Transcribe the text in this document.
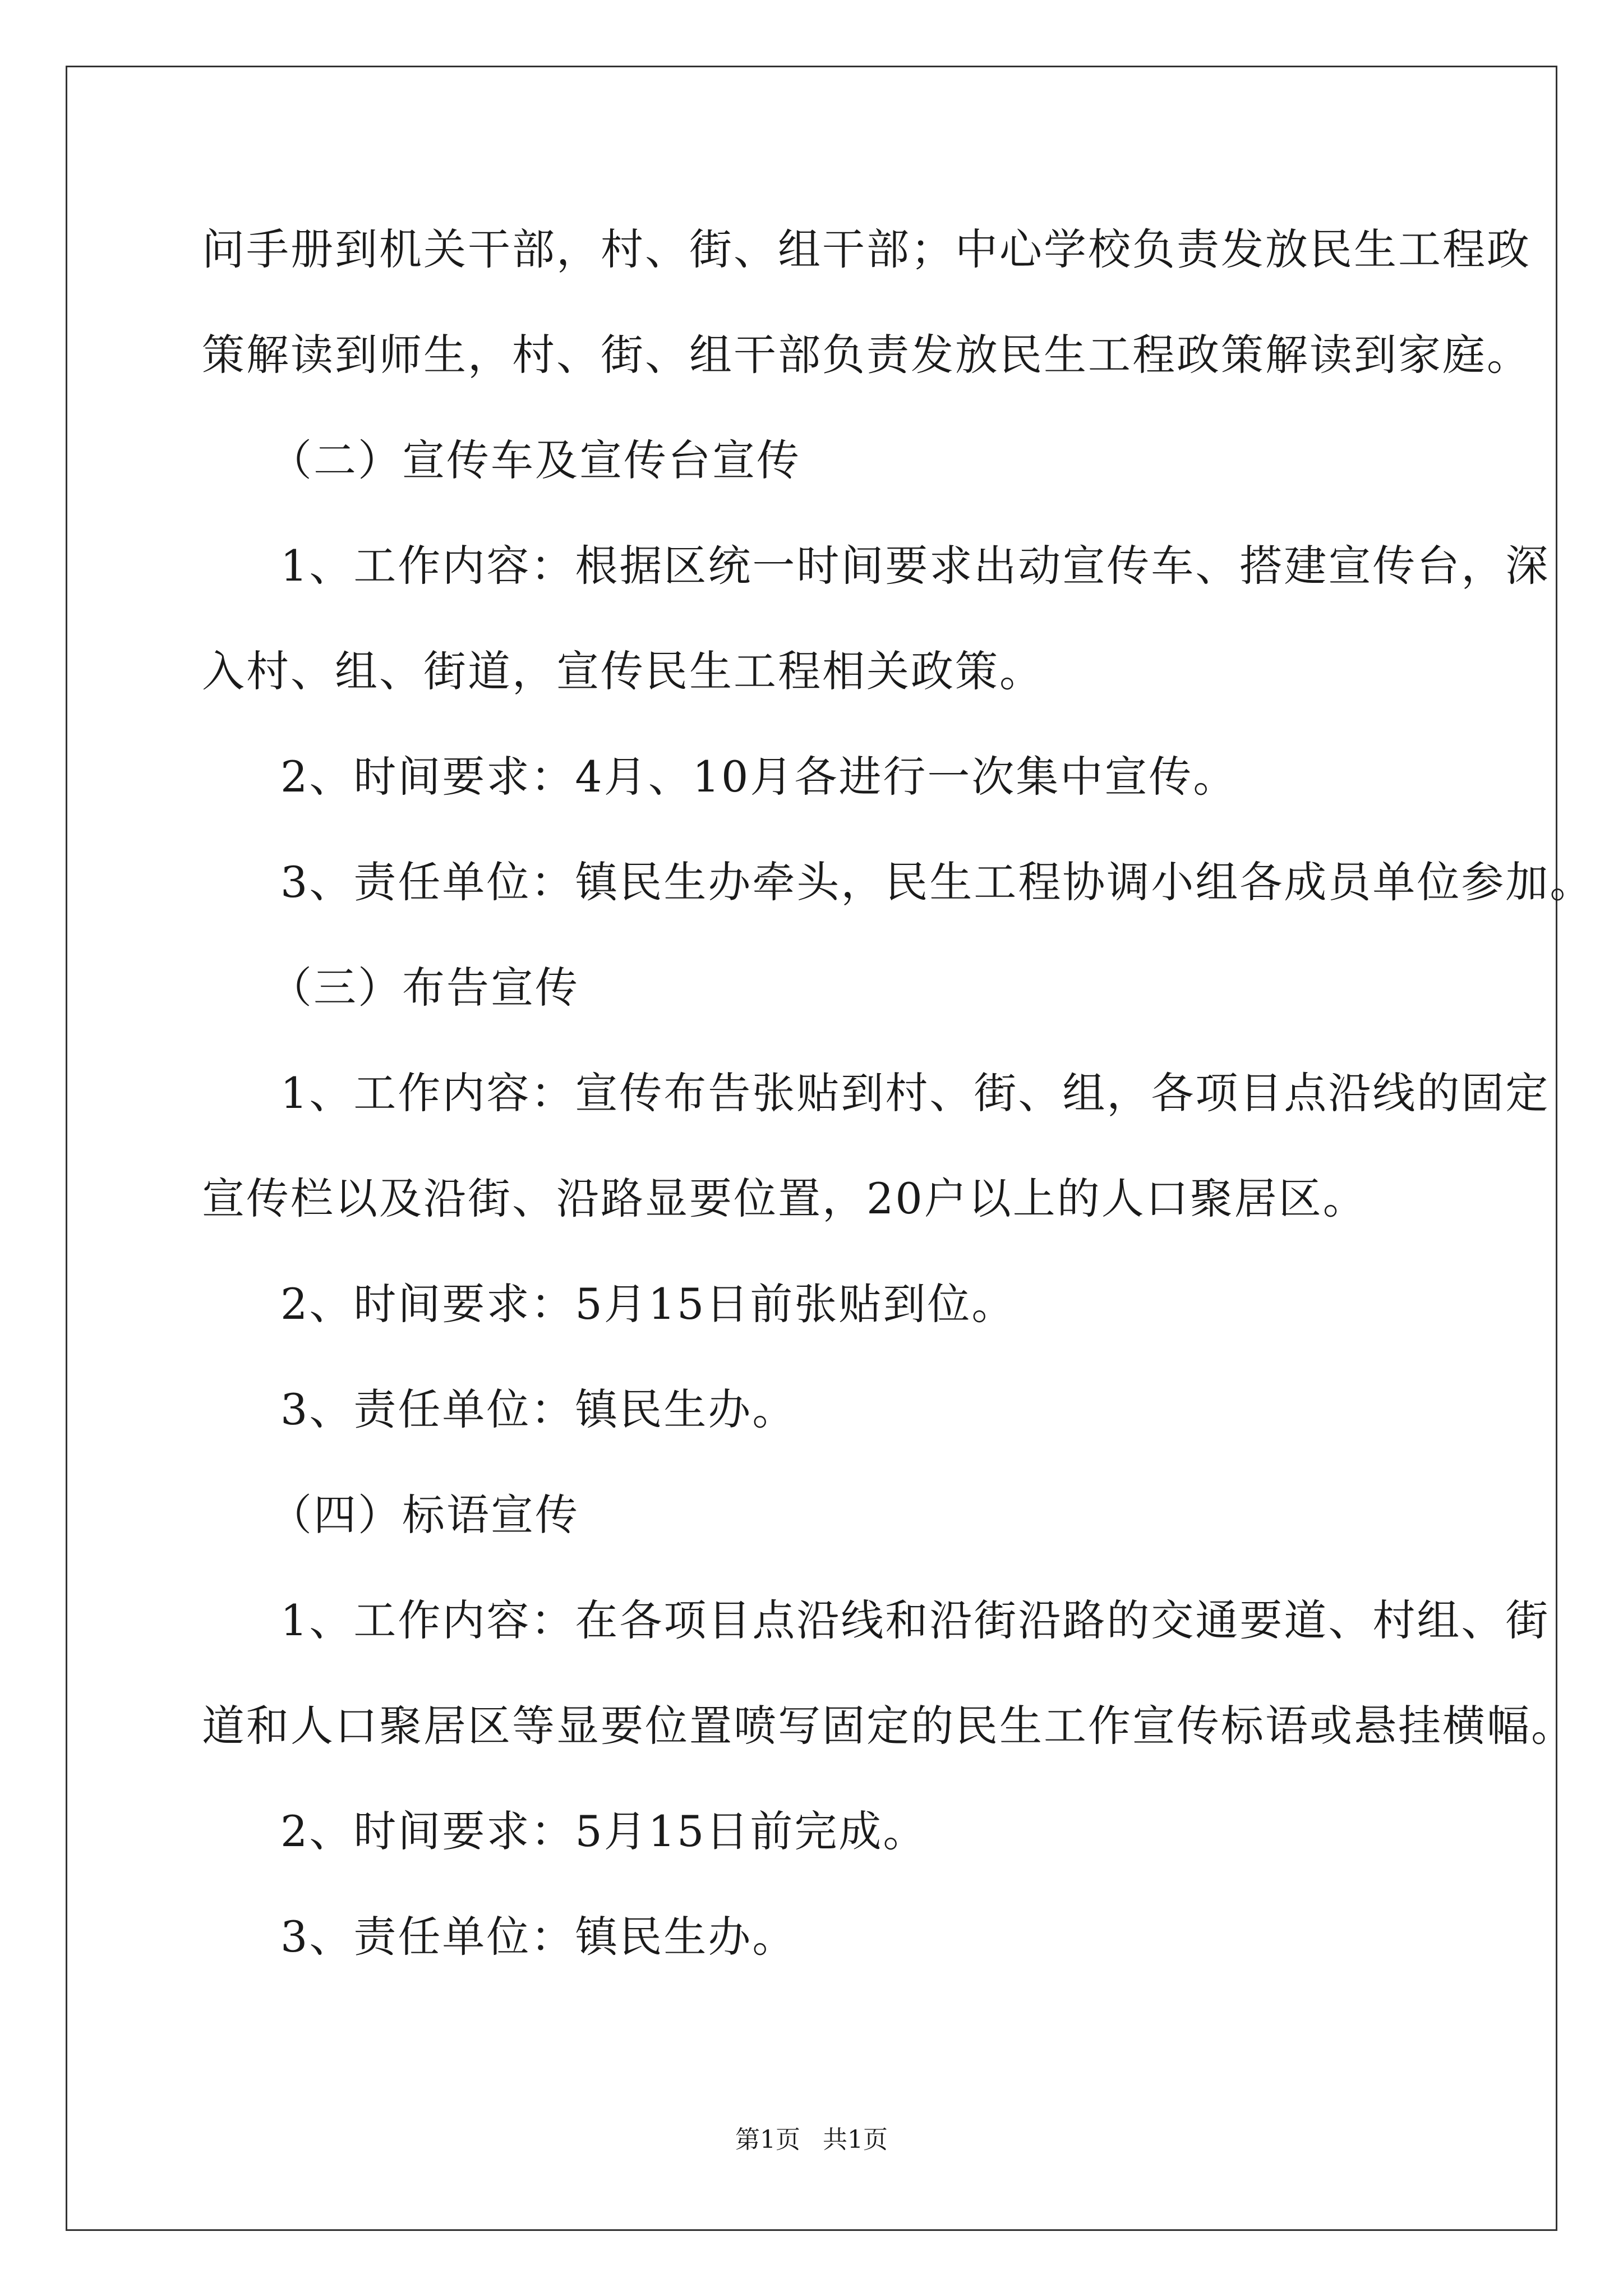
问手册到机关干部，村、街、组干部；中心学校负责发放民生工程政
策解读到师生，村、街、组干部负责发放民生工程政策解读到家庭。
（二）宣传车及宣传台宣传
1、工作内容：根据区统一时间要求出动宣传车、搭建宣传台，深
入村、组、街道，宣传民生工程相关政策。
2、时间要求：4月、10月各进行一次集中宣传。
3、责任单位：镇民生办牵头，民生工程协调小组各成员单位参加。
（三）布告宣传
1、工作内容：宣传布告张贴到村、街、组，各项目点沿线的固定
宣传栏以及沿街、沿路显要位置，20户以上的人口聚居区。
2、时间要求：5月15日前张贴到位。
3、责任单位：镇民生办。
（四）标语宣传
1、工作内容：在各项目点沿线和沿街沿路的交通要道、村组、街
道和人口聚居区等显要位置喷写固定的民生工作宣传标语或悬挂横幅。
2、时间要求：5月15日前完成。
3、责任单位：镇民生办。
第1页 共1页
